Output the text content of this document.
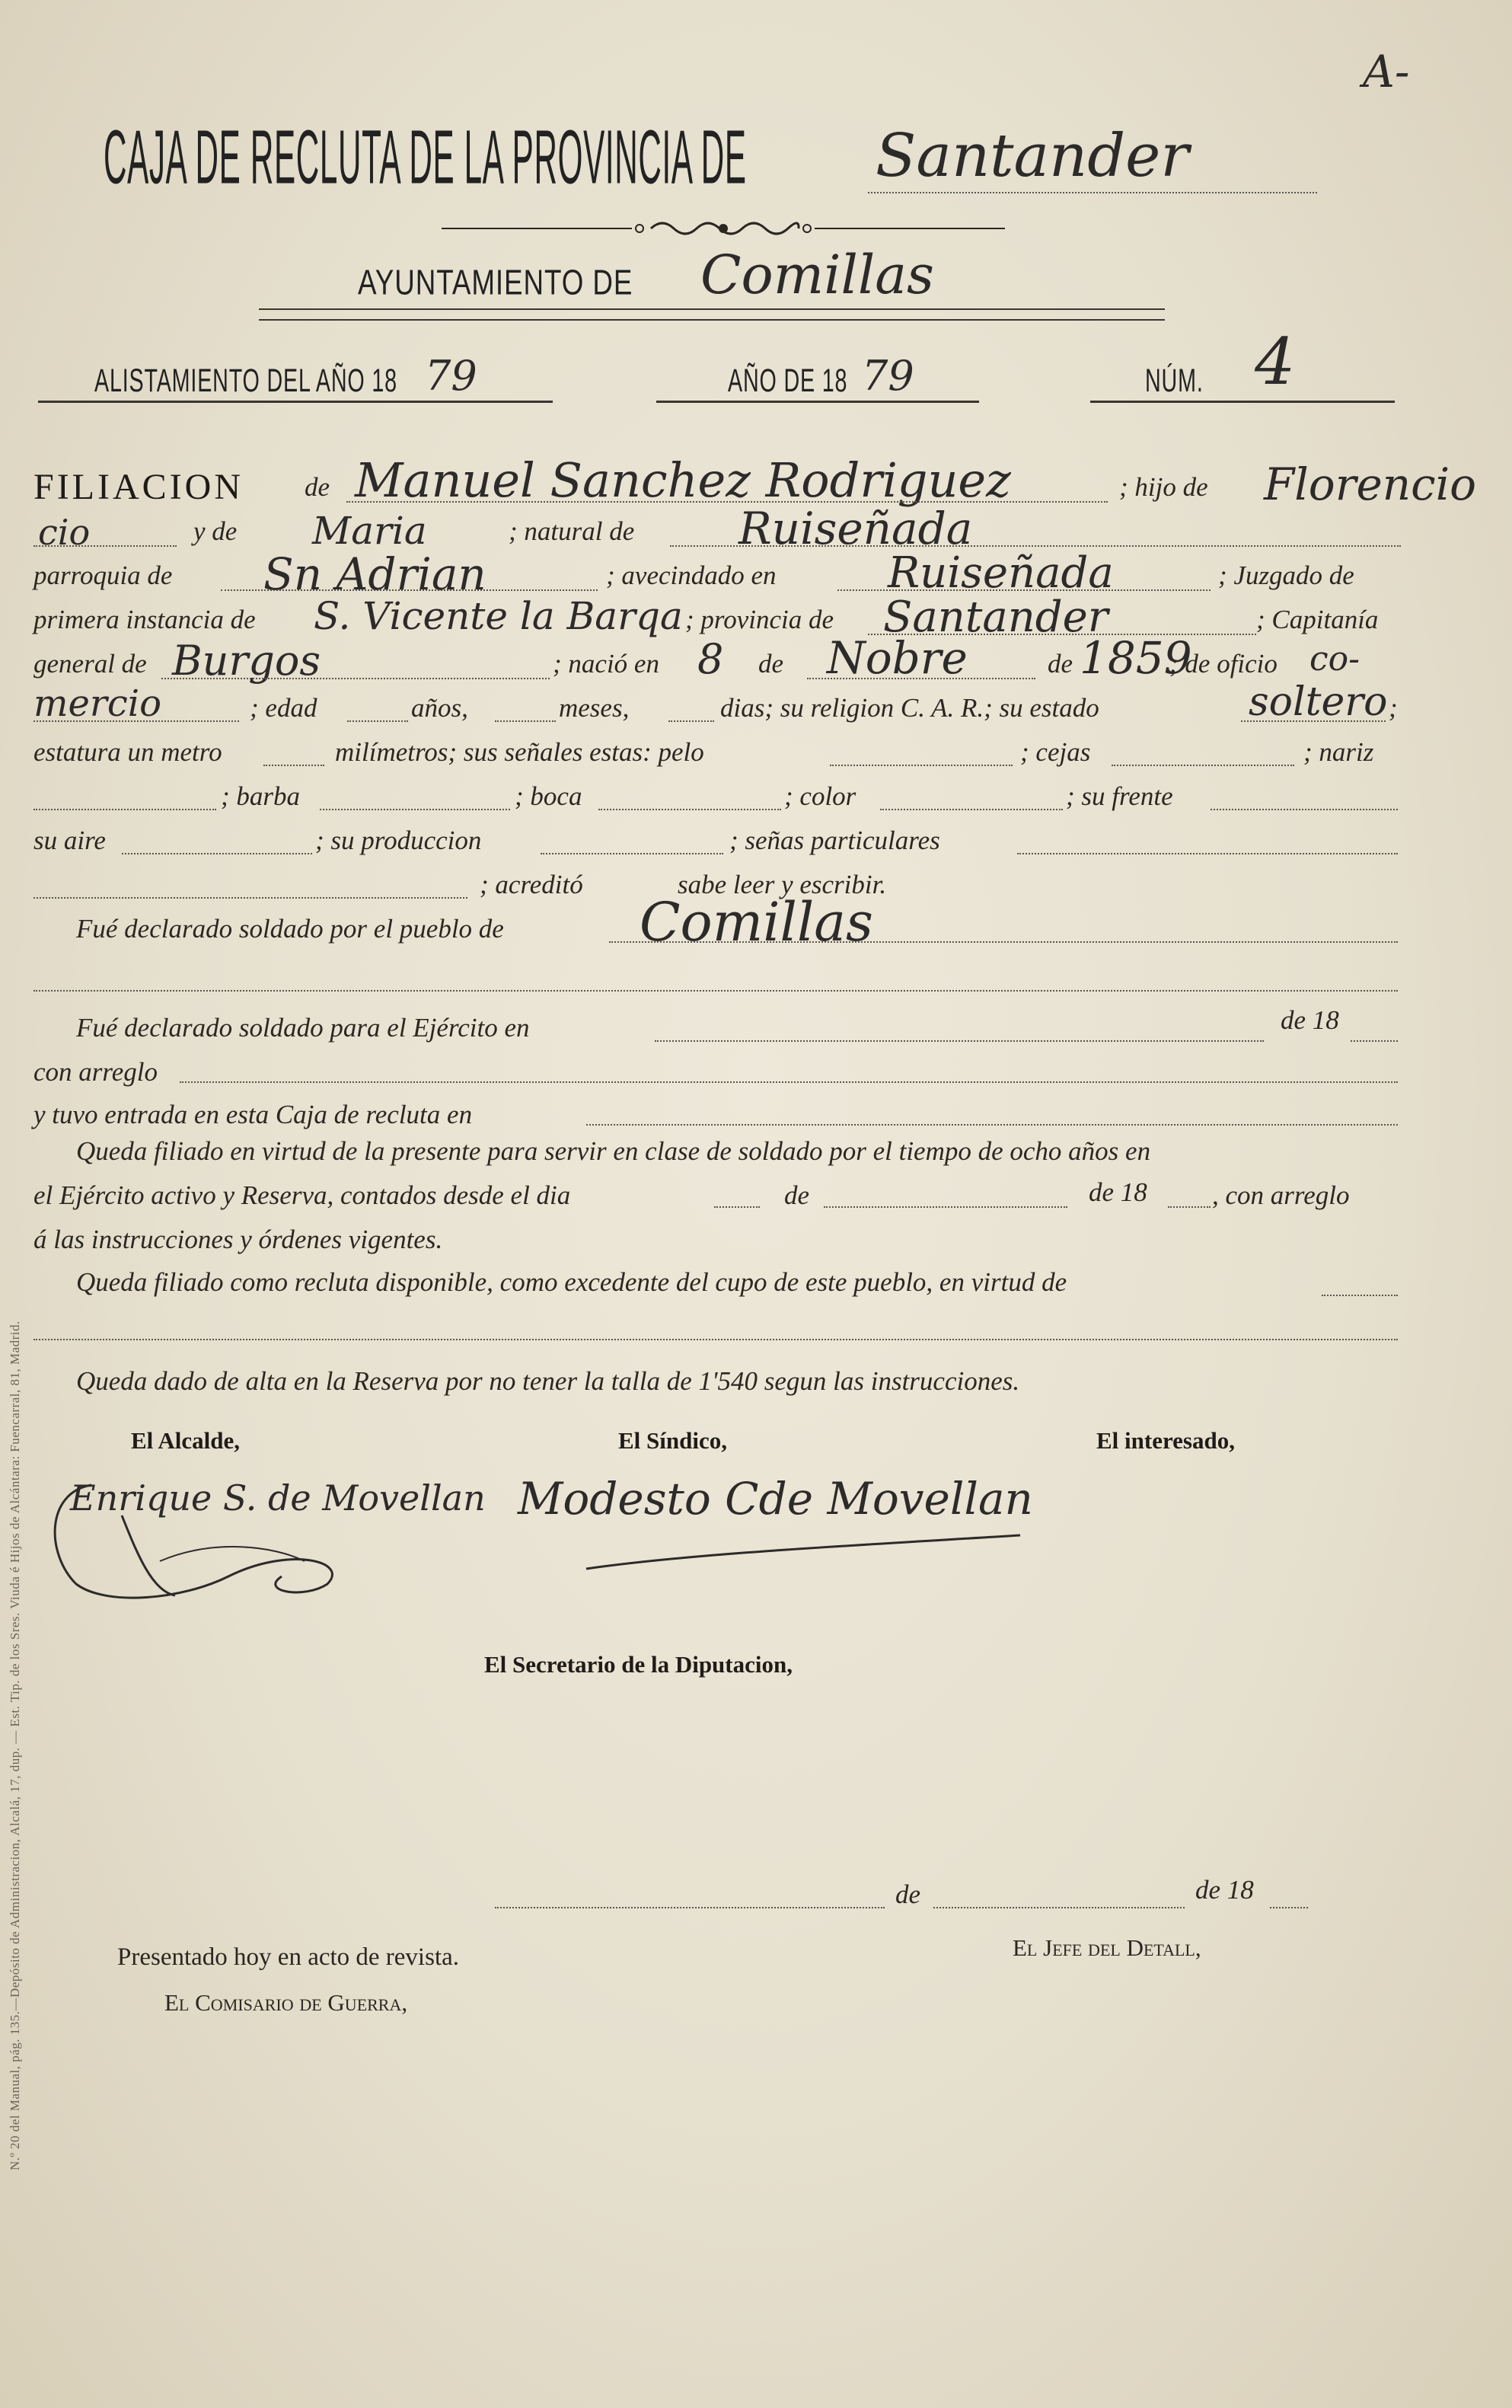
N.º 20 del Manual, pág. 135.—Depósito de Administracion, Alcalá, 17, dup. — Est. Tip. de los Sres. Viuda é Hijos de Alcántara: Fuencarral, 81, Madrid.
A-
CAJA DE RECLUTA DE LA PROVINCIA DE Santander
AYUNTAMIENTO DE Comillas
ALISTAMIENTO DEL AÑO 18 79	AÑO DE 18 79	NÚM. 4
FILIACION de Manuel Sanchez Rodriguez	; hijo de Florencio
cio	y de Maria	; natural de Ruiseñada
parroquia de Sn Adrian	; avecindado en	Ruiseñada	; Juzgado de
primera instancia de S. Vicente la Barqa ; provincia de Santander	; Capitanía
general de Burgos	; nació en 8 de Nobre	de 1859
; de oficio co-
mercio	; edad	años,	meses,	dias; su religion C. A. R.; su estado	soltero ;
estatura un metro	milímetros; sus señales estas: pelo	; cejas	; nariz
; barba	; boca	; color	; su frente
su aire	; su produccion	; señas particulares
; acreditó	sabe leer y escribir.
Fué declarado soldado por el pueblo de	Comillas
Fué declarado soldado para el Ejército en	de 18
con arreglo
y tuvo entrada en esta Caja de recluta en
Queda filiado en virtud de la presente para servir en clase de soldado por el tiempo de ocho años en
el Ejército activo y Reserva, contados desde el dia	de	de 18 , con arreglo
á las instrucciones y órdenes vigentes.
Queda filiado como recluta disponible, como excedente del cupo de este pueblo, en virtud de
Queda dado de alta en la Reserva por no tener la talla de 1'540 segun las instrucciones.
El Alcalde,	El Síndico,	El interesado,
Enrique S. de Movellan Modesto Cde Movellan
El Secretario de la Diputacion,
de	de 18
Presentado hoy en acto de revista.	El Jefe del Detall,
El Comisario de Guerra,
